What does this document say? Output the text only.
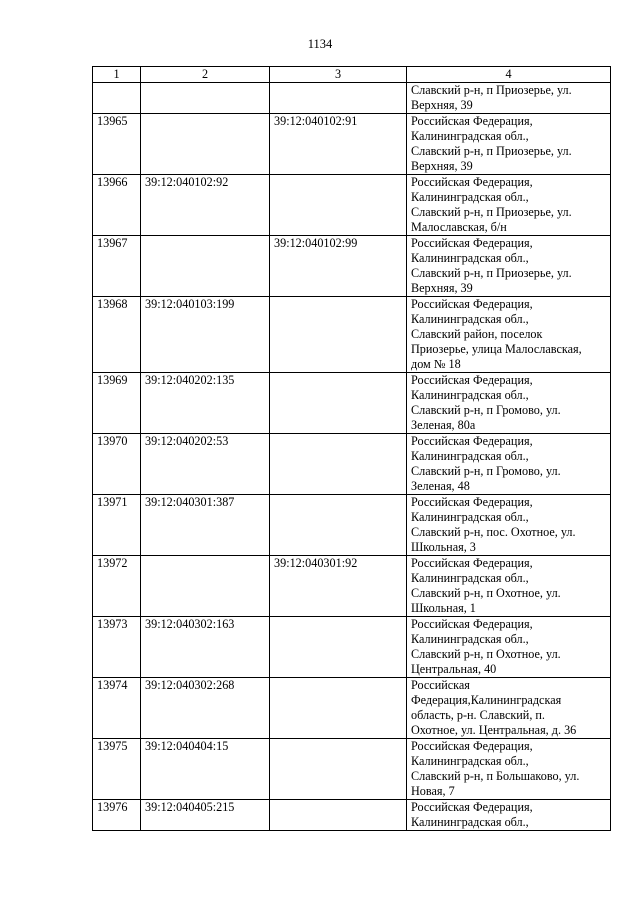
1134
1	2	3	4

			Славский р-н, п Приозерье, ул.
Верхняя, 39

13965		39:12:040102:91	Российская Федерация,
Калининградская обл.,
Славский р-н, п Приозерье, ул.
Верхняя, 39

13966	39:12:040102:92		Российская Федерация,
Калининградская обл.,
Славский р-н, п Приозерье, ул.
Малославская, б/н

13967		39:12:040102:99	Российская Федерация,
Калининградская обл.,
Славский р-н, п Приозерье, ул.
Верхняя, 39

13968	39:12:040103:199		Российская Федерация,
Калининградская обл.,
Славский район, поселок
Приозерье, улица Малославская,
дом № 18

13969	39:12:040202:135		Российская Федерация,
Калининградская обл.,
Славский р-н, п Громово, ул.
Зеленая, 80а

13970	39:12:040202:53		Российская Федерация,
Калининградская обл.,
Славский р-н, п Громово, ул.
Зеленая, 48

13971	39:12:040301:387		Российская Федерация,
Калининградская обл.,
Славский р-н, пос. Охотное, ул.
Школьная, 3

13972		39:12:040301:92	Российская Федерация,
Калининградская обл.,
Славский р-н, п Охотное, ул.
Школьная, 1

13973	39:12:040302:163		Российская Федерация,
Калининградская обл.,
Славский р-н, п Охотное, ул.
Центральная, 40

13974	39:12:040302:268		Российская
Федерация,Калининградская
область, р-н. Славский, п.
Охотное, ул. Центральная, д. 36

13975	39:12:040404:15		Российская Федерация,
Калининградская обл.,
Славский р-н, п Большаково, ул.
Новая, 7

13976	39:12:040405:215		Российская Федерация,
Калининградская обл.,
